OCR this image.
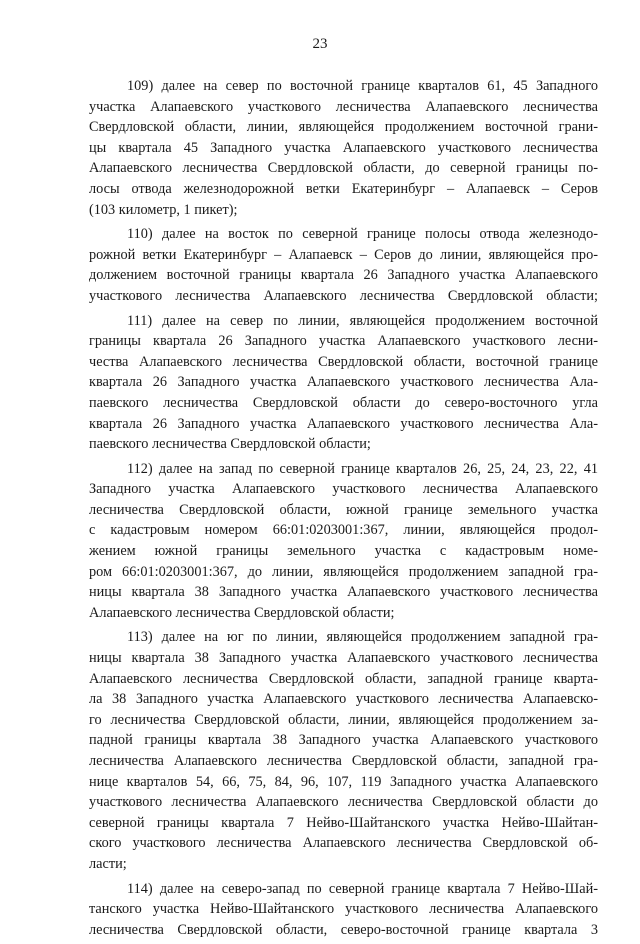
23

109) далее на север по восточной границе кварталов 61, 45 Западного
участка Алапаевского участкового лесничества Алапаевского лесничества
Свердловской области, линии, являющейся продолжением восточной грани-
цы квартала 45 Западного участка Алапаевского участкового лесничества
Алапаевского лесничества Свердловской области, до северной границы по-
лосы отвода железнодорожной ветки Екатеринбург – Алапаевск – Серов
(103 километр, 1 пикет);

110) далее на восток по северной границе полосы отвода железнодо-
рожной ветки Екатеринбург – Алапаевск – Серов до линии, являющейся про-
должением восточной границы квартала 26 Западного участка Алапаевского
участкового лесничества Алапаевского лесничества Свердловской области;

111) далее на север по линии, являющейся продолжением восточной
границы квартала 26 Западного участка Алапаевского участкового лесни-
чества Алапаевского лесничества Свердловской области, восточной границе
квартала 26 Западного участка Алапаевского участкового лесничества Ала-
паевского лесничества Свердловской области до северо-восточного угла
квартала 26 Западного участка Алапаевского участкового лесничества Ала-
паевского лесничества Свердловской области;

112) далее на запад по северной границе кварталов 26, 25, 24, 23, 22, 41
Западного участка Алапаевского участкового лесничества Алапаевского
лесничества Свердловской области, южной границе земельного участка
с кадастровым номером 66:01:0203001:367, линии, являющейся продол-
жением южной границы земельного участка с кадастровым номе-
ром 66:01:0203001:367, до линии, являющейся продолжением западной гра-
ницы квартала 38 Западного участка Алапаевского участкового лесничества
Алапаевского лесничества Свердловской области;

113) далее на юг по линии, являющейся продолжением западной гра-
ницы квартала 38 Западного участка Алапаевского участкового лесничества
Алапаевского лесничества Свердловской области, западной границе кварта-
ла 38 Западного участка Алапаевского участкового лесничества Алапаевско-
го лесничества Свердловской области, линии, являющейся продолжением за-
падной границы квартала 38 Западного участка Алапаевского участкового
лесничества Алапаевского лесничества Свердловской области, западной гра-
нице кварталов 54, 66, 75, 84, 96, 107, 119 Западного участка Алапаевского
участкового лесничества Алапаевского лесничества Свердловской области до
северной границы квартала 7 Нейво-Шайтанского участка Нейво-Шайтан-
ского участкового лесничества Алапаевского лесничества Свердловской об-
ласти;

114) далее на северо-запад по северной границе квартала 7 Нейво-Шай-
танского участка Нейво-Шайтанского участкового лесничества Алапаевского
лесничества Свердловской области, северо-восточной границе квартала 3
